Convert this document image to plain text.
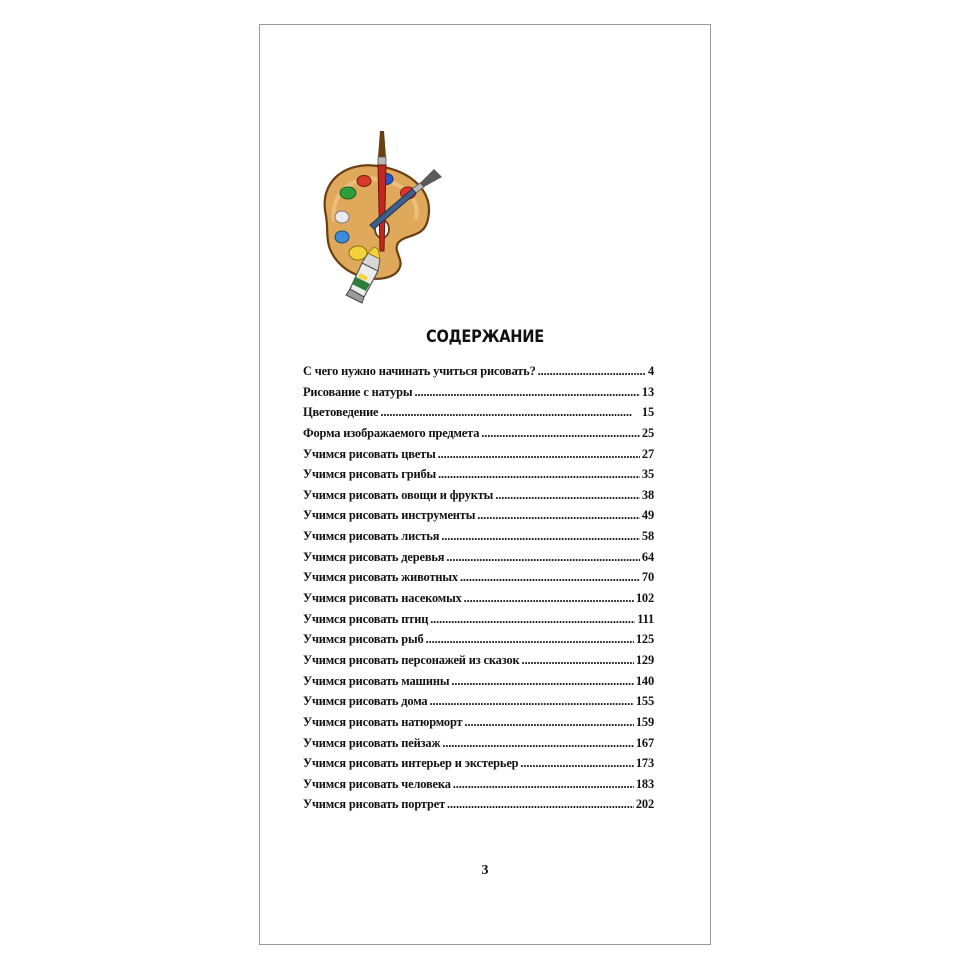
СОДЕРЖАНИЕ
С чего нужно начинать учиться рисовать? . . .	4
Рисование с натуры . . .	13
Цветоведение . . .	15
Форма изображаемого предмета . . .	25
Учимся рисовать цветы . . .	27
Учимся рисовать грибы . . .	35
Учимся рисовать овощи и фрукты . . .	38
Учимся рисовать инструменты . . .	49
Учимся рисовать листья . . .	58
Учимся рисовать деревья . . .	64
Учимся рисовать животных . . .	70
Учимся рисовать насекомых . . .	102
Учимся рисовать птиц . . .	111
Учимся рисовать рыб . . .	125
Учимся рисовать персонажей из сказок . . .	129
Учимся рисовать машины . . .	140
Учимся рисовать дома . . .	155
Учимся рисовать натюрморт . . .	159
Учимся рисовать пейзаж . . .	167
Учимся рисовать интерьер и экстерьер . . .	173
Учимся рисовать человека . . .	183
Учимся рисовать портрет . . .	202
3
